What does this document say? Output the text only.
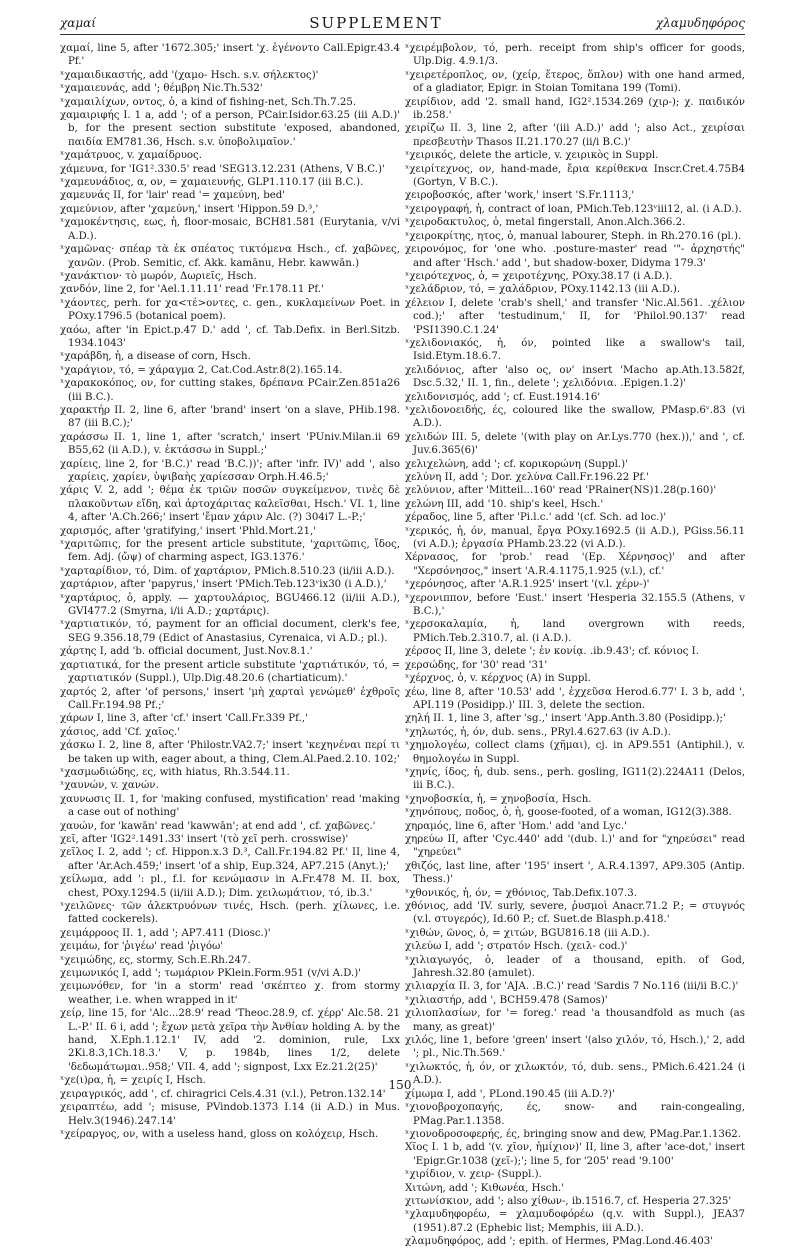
χαμαί	SUPPLEMENT	χλαμυδηφόρος

χαμαί, line 5, after '1672.305;' insert 'χ. ἐγένοντο Call.Epigr.43.4 Pf.'

ˣχαμαιδικαστής, add '(χαμο- Hsch. s.v. σήλεκτος)'

ˣχαμαιευνάς, add '; θέμβρη Nic.Th.532'

ˣχαμαιλίχων, οντος, ὁ, a kind of fishing-net, Sch.Th.7.25.

χαμαιριφής I. 1 a, add '; of a person, PCair.Isidor.63.25 (iii A.D.)' b, for the present section substitute 'exposed, abandoned, παιδία EM781.36, Hsch. s.v. ὑποβολιμαῖον.'

ˣχαμάτρυος, v. χαμαίδρυος.

χάμευνα, for 'IG1².330.5' read 'SEG13.12.231 (Athens, V B.C.)'

ˣχαμευνάδιος, α, ον, = χαμαιευνής, GLP1.110.17 (iii B.C.).

χαμευνάς II, for 'lair' read '= χαμεύνη, bed'

χαμεύνιον, after 'χαμεύνη,' insert 'Hippon.59 D.³,'

ˣχαμοκέντησις, εως, ἡ, floor-mosaic, BCH81.581 (Eurytania, v/vi A.D.).

ˣχαμῶνας· σπέαρ τὰ ἐκ σπέατος τικτόμενα Hsch., cf. χαβῶνες, χανῶν. (Prob. Semitic, cf. Akk. kamānu, Hebr. kawwān.)

ˣχανάκτιον· τὸ μωρόν, Δωριεῖς, Hsch.

χανδόν, line 2, for 'Ael.1.11.11' read 'Fr.178.11 Pf.'

ˣχάοντες, perh. for χα<τέ>οντες, c. gen., κυκλαμείνων Poet. in POxy.1796.5 (botanical poem).

χαόω, after 'in Epict.p.47 D.' add ', cf. Tab.Defix. in Berl.Sitzb. 1934.1043'

ˣχαράβδη, ἡ, a disease of corn, Hsch.

ˣχαράγιον, τό, = χάραγμα 2, Cat.Cod.Astr.8(2).165.14.

ˣχαρακοκόπος, ον, for cutting stakes, δρέπανα PCair.Zen.851a26 (iii B.C.).

χαρακτήρ II. 2, line 6, after 'brand' insert 'on a slave, PHib.198. 87 (iii B.C.);'

χαράσσω II. 1, line 1, after 'scratch,' insert 'PUniv.Milan.ii 69 B55,62 (ii A.D.), v. ἐκτάσσω in Suppl.;'

χαρίεις, line 2, for 'B.C.)' read 'B.C.))'; after 'infr. IV)' add ', also χαρίεις, χαρίεν, ὑψιβαὴς χαρίεσσαν Orph.H.46.5;'

χάρις V. 2, add '; θέμα ἐκ τριῶν ποσῶν συγκείμενον, τινὲς δὲ πλακοῦντων εἴδη, καὶ ἀρτοχάριτας καλεῖσθαι, Hsch.' VI. 1, line 4, after 'A.Ch.266;' insert 'ἔμαν χάριν Alc. (?) 304i7 L.-P.;'

χαρισμός, after 'gratifying,' insert 'Phld.Mort.21,'

ˣχαριτῶπις, for the present article substitute, 'χαριτῶπις, ἴδος, fem. Adj. (ὤψ) of charming aspect, IG3.1376.'

ˣχαρταρίδιον, τό, Dim. of χαρτάριον, PMich.8.510.23 (ii/iii A.D.).

χαρτάριον, after 'papyrus,' insert 'PMich.Teb.123ᵛix30 (i A.D.),'

ˣχαρτάριος, ὁ, apply. — χαρτουλάριος, BGU466.12 (ii/iii A.D.), GVI477.2 (Smyrna, i/ii A.D.; χαρτάρις).

ˣχαρτιατικόν, τό, payment for an official document, clerk's fee, SEG 9.356.18,79 (Edict of Anastasius, Cyrenaica, vi A.D.; pl.).

χάρτης I, add 'b. official document, Just.Nov.8.1.'

χαρτιατικά, for the present article substitute 'χαρτιάτικόν, τό, = χαρτιατικόν (Suppl.), Ulp.Dig.48.20.6 (chartiaticum).'

χαρτός 2, after 'of persons,' insert 'μὴ χαρταὶ γενώμεθ' ἐχθροῖς Call.Fr.194.98 Pf.;'

χάρων I, line 3, after 'cf.' insert 'Call.Fr.339 Pf.,'

χάσιος, add 'Cf. χαῖος.'

χάσκω I. 2, line 8, after 'Philostr.VA2.7;' insert 'κεχηνέναι περί τι be taken up with, eager about, a thing, Clem.Al.Paed.2.10. 102;'

ˣχασμωδιώδης, ες, with hiatus, Rh.3.544.11.

ˣχαυνών, v. χανών.

χαυνωσις II. 1, for 'making confused, mystification' read 'making a case out of nothing'

χαυών, for 'kawān' read 'kawwān'; at end add ', cf. χαβῶνες.'

χεῖ, after 'IG2².1491.33' insert '(τὸ χεῖ perh. crosswise)'

χεῖλος I. 2, add '; cf. Hippon.x.3 D.³, Call.Fr.194.82 Pf.' II, line 4, after 'Ar.Ach.459;' insert 'of a ship, Eup.324, AP7.215 (Anyt.);'

χείλωμα, add ': pl., f.l. for κενώμασιν in A.Fr.478 M. II. box, chest, POxy.1294.5 (ii/iii A.D.); Dim. χειλωμάτιον, τό, ib.3.'

ˣχειλῶνες· τῶν ἀλεκτρυόνων τινές, Hsch. (perh. χίλωνες, i.e. fatted cockerels).

χειμάρροος II. 1, add '; AP7.411 (Diosc.)'

χειμάω, for 'ῥιγέω' read 'ῥιγόω'

ˣχειμώδης, ες, stormy, Sch.E.Rh.247.

χειμωνικός I, add '; τωμάριον PKlein.Form.951 (v/vi A.D.)'

χειμωνόθεν, for 'in a storm' read 'σκέπτεο χ. from stormy weather, i.e. when wrapped in it'

χείρ, line 15, for 'Alc...28.9' read 'Theoc.28.9, cf. χέρρ' Alc.58. 21 L.-P.' II. 6 i, add '; ἔχων μετὰ χεῖρα τὴν Ἀνθίαν holding A. by the hand, X.Eph.1.12.1' IV, add '2. dominion, rule, Lxx 2Ki.8.3,1Ch.18.3.' V, p. 1984b, lines 1/2, delete 'δεδωμάτωμαι..958;' VII. 4, add '; signpost, Lxx Ez.21.2(25)'

ˣχε(ι)ρα, ἡ, = χειρίς I, Hsch.

χειραγρικός, add ', cf. chiragrici Cels.4.31 (v.l.), Petron.132.14'

χειραπτέω, add '; misuse, PVindob.1373 I.14 (ii A.D.) in Mus. Helv.3(1946).247.14'

ˣχείραργος, ον, with a useless hand, gloss on κολόχειρ, Hsch.

ˣχειρέμβολον, τό, perh. receipt from ship's officer for goods, Ulp.Dig. 4.9.1/3.

ˣχειρετέροπλος, ον, (χείρ, ἕτερος, ὅπλον) with one hand armed, of a gladiator, Epigr. in Stoian Tomitana 199 (Tomi).

χειρίδιον, add '2. small hand, IG2².1534.269 (χιρ-); χ. παιδικόν ib.258.'

χειρίζω II. 3, line 2, after '(iii A.D.)' add '; also Act., χειρίσαι πρεσβευτὴν Thasos II.21.170.27 (ii/i B.C.)'

ˣχειρικός, delete the article, v. χειρικὸς in Suppl.

ˣχειρίτεχνος, ον, hand-made, ἔρια κερίθεκνα Inscr.Cret.4.75B4 (Gortyn, V B.C.).

χειροβοσκός, after 'work,' insert 'S.Fr.1113,'

ˣχειρογραφή, ἡ, contract of loan, PMich.Teb.123ᵛiii12, al. (i A.D.).

ˣχειροδακτυλος, ὁ, metal fingerstall, Anon.Alch.366.2.

ˣχειροκρίτης, ητος, ὁ, manual labourer, Steph. in Rh.270.16 (pl.).

χειρονόμος, for 'one who. .posture-master' read '"- ἀρχηστής" and after 'Hsch.' add ', but shadow-boxer, Didyma 179.3'

ˣχειρότεχνος, ὁ, = χειροτέχνης, POxy.38.17 (i A.D.).

ˣχελάδριον, τό, = χαλάδριον, POxy.1142.13 (iii A.D.).

χέλειον I, delete 'crab's shell,' and transfer 'Nic.Al.561. .χέλιον cod.);' after 'testudinum,' II, for 'Philol.90.137' read 'PSI1390.C.1.24'

ˣχελιδονιακός, ἡ, όν, pointed like a swallow's tail, Isid.Etym.18.6.7.

χελιδόνιος, after 'also ος, ον' insert 'Macho ap.Ath.13.582f, Dsc.5.32,' II. 1, fin., delete '; χελιδόνια. .Epigen.1.2)'

χελιδονισμός, add '; cf. Eust.1914.16'

ˣχελιδονοειδής, ές, coloured like the swallow, PMasp.6ᵛ.83 (vi A.D.).

χελιδών III. 5, delete '(with play on Ar.Lys.770 (hex.)),' and ', cf. Juv.6.365(6)'

χελιχελώνη, add '; cf. κορικορώνη (Suppl.)'

χελύνη II, add '; Dor. χελύνα Call.Fr.196.22 Pf.'

χελύνιον, after 'Mitteil...160' read 'PRainer(NS)1.28(p.160)'

χελώνη III, add '10. ship's keel, Hsch.'

χέραδος, line 5, after 'Pi.l.c.' add '(cf. Sch. ad loc.)'

ˣχερικός, ἡ, όν, manual, ἔργα POxy.1692.5 (ii A.D.), PGiss.56.11 (vi A.D.); ἐργασία PHamb.23.22 (vi A.D.).

Χέρνασος, for 'prob.' read '(Ep. Χέρνησος)' and after "Χερσόνησος," insert 'A.R.4.1175,1.925 (v.l.), cf.'

ˣχερόνησος, after 'A.R.1.925' insert '(v.l. χέρν-)'

ˣχερονιππον, before 'Eust.' insert 'Hesperia 32.155.5 (Athens, v B.C.),'

ˣχερσοκαλαμία, ἡ, land overgrown with reeds, PMich.Teb.2.310.7, al. (i A.D.).

χέρσος II, line 3, delete '; ἐν κονίᾳ. .ib.9.43'; cf. κόνιος I.

χερσώδης, for '30' read '31'

ˣχέρχνος, ὁ, v. κέρχνος (A) in Suppl.

χέω, line 8, after '10.53' add ', ἐχχεῦσα Herod.6.77' I. 3 b, add ', API.119 (Posidipp.)' III. 3, delete the section.

χηλή II. 1, line 3, after 'sg.,' insert 'App.Anth.3.80 (Posidipp.);'

ˣχηλωτός, ἡ, όν, dub. sens., PRyl.4.627.63 (iv A.D.).

ˣχημολογέω, collect clams (χῆμαι), cj. in AP9.551 (Antiphil.), v. θημολογέω in Suppl.

ˣχηνίς, ίδος, ἡ, dub. sens., perh. gosling, IG11(2).224A11 (Delos, iii B.C.).

ˣχηνοβοσκία, ἡ, = χηνοβοσία, Hsch.

ˣχηνόπους, ποδος, ὁ, ἡ, goose-footed, of a woman, IG12(3).388.

χηραμός, line 6, after 'Hom.' add 'and Lyc.'

χηρεύω II, after 'Cyc.440' add '(dub. l.)' and for "χηρεύσει" read "χηρεύει"

χθιζός, last line, after '195' insert ', A.R.4.1397, AP9.305 (Antip. Thess.)'

ˣχθονικός, ἡ, όν, = χθόνιος, Tab.Defix.107.3.

χθόνιος, add 'IV. surly, severe, ῥυσμοὶ Anacr.71.2 P.; = στυγνός (v.l. στυγερός), Id.60 P.; cf. Suet.de Blasph.p.418.'

ˣχιθών, ῶνος, ὁ, = χιτών, BGU816.18 (iii A.D.).

χιλεύω I, add '; στρατόν Hsch. (χειλ- cod.)'

ˣχιλιαγωγός, ὁ, leader of a thousand, epith. of God, Jahresh.32.80 (amulet).

χιλιαρχία II. 3, for 'AJA. .B.C.)' read 'Sardis 7 No.116 (iii/ii B.C.)'

ˣχιλιαστήρ, add ', BCH59.478 (Samos)'

χιλιοπλασίων, for '= foreg.' read 'a thousandfold as much (as many, as great)'

χιλός, line 1, before 'green' insert '(also χιλόν, τό, Hsch.),' 2, add '; pl., Nic.Th.569.'

ˣχιλωκτός, ἡ, όν, or χιλωκτόν, τό, dub. sens., PMich.6.421.24 (i A.D.).

χίμωμα I, add ', PLond.190.45 (iii A.D.?)'

ˣχιονοβροχοπαγής, ές, snow- and rain-congealing, PMag.Par.1.1358.

ˣχιονοδροσοφερής, ές, bringing snow and dew, PMag.Par.1.1362.

Χῖος I. 1 b, add '(v. χῖον, ἡμίχιον)' II, line 3, after 'ace-dot,' insert 'Epigr.Gr.1038 (χεῖ-);'; line 5, for '205' read '9.100'

ˣχιρίδιον, v. χειρ- (Suppl.).

Χιτώνη, add '; Κιθωνέα, Hsch.'

χιτωνίσκιον, add '; also χίθων-, ib.1516.7, cf. Hesperia 27.325'

ˣχλαμυδηφορέω, = χλαμυδοφόρέω (q.v. with Suppl.), JEA37 (1951).87.2 (Ephebic list; Memphis, iii A.D.).

χλαμυδηφόρος, add '; epith. of Hermes, PMag.Lond.46.403'

150
